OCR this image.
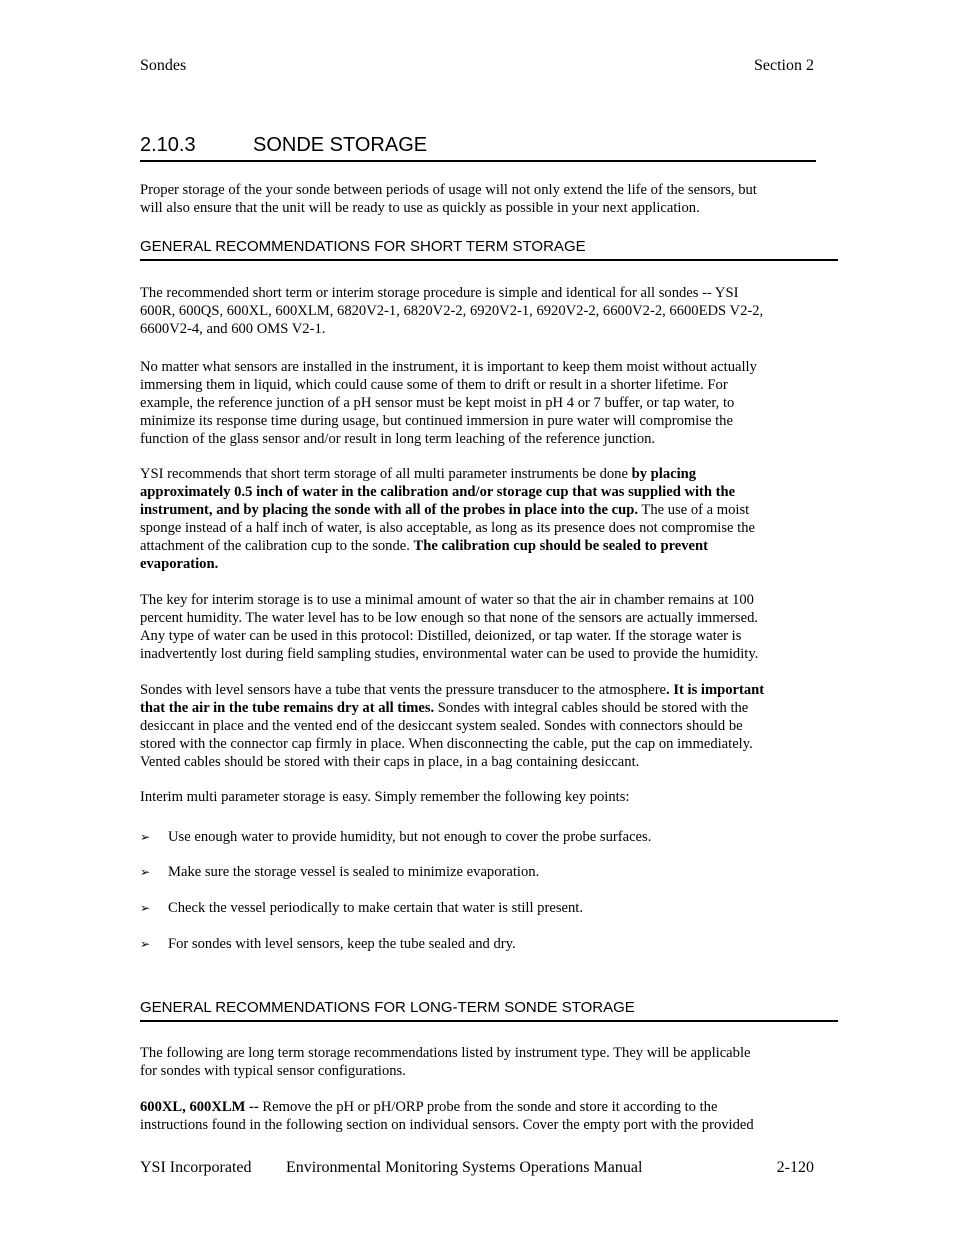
Sondes	Section 2
2.10.3	SONDE STORAGE
Proper storage of the your sonde between periods of usage will not only extend the life of the sensors, but
will also ensure that the unit will be ready to use as quickly as possible in your next application.
GENERAL RECOMMENDATIONS FOR SHORT TERM STORAGE
The recommended short term or interim storage procedure is simple and identical for all sondes -- YSI
600R, 600QS, 600XL, 600XLM, 6820V2-1, 6820V2-2, 6920V2-1, 6920V2-2, 6600V2-2, 6600EDS V2-2,
6600V2-4, and 600 OMS V2-1.
No matter what sensors are installed in the instrument, it is important to keep them moist without actually
immersing them in liquid, which could cause some of them to drift or result in a shorter lifetime. For
example, the reference junction of a pH sensor must be kept moist in pH 4 or 7 buffer, or tap water, to
minimize its response time during usage, but continued immersion in pure water will compromise the
function of the glass sensor and/or result in long term leaching of the reference junction.
YSI recommends that short term storage of all multi parameter instruments be done by placing
approximately 0.5 inch of water in the calibration and/or storage cup that was supplied with the
instrument, and by placing the sonde with all of the probes in place into the cup. The use of a moist
sponge instead of a half inch of water, is also acceptable, as long as its presence does not compromise the
attachment of the calibration cup to the sonde. The calibration cup should be sealed to prevent
evaporation.
The key for interim storage is to use a minimal amount of water so that the air in chamber remains at 100
percent humidity. The water level has to be low enough so that none of the sensors are actually immersed.
Any type of water can be used in this protocol: Distilled, deionized, or tap water. If the storage water is
inadvertently lost during field sampling studies, environmental water can be used to provide the humidity.
Sondes with level sensors have a tube that vents the pressure transducer to the atmosphere. It is important
that the air in the tube remains dry at all times. Sondes with integral cables should be stored with the
desiccant in place and the vented end of the desiccant system sealed. Sondes with connectors should be
stored with the connector cap firmly in place. When disconnecting the cable, put the cap on immediately.
Vented cables should be stored with their caps in place, in a bag containing desiccant.
Interim multi parameter storage is easy. Simply remember the following key points:
➢ Use enough water to provide humidity, but not enough to cover the probe surfaces.
➢ Make sure the storage vessel is sealed to minimize evaporation.
➢ Check the vessel periodically to make certain that water is still present.
➢ For sondes with level sensors, keep the tube sealed and dry.
GENERAL RECOMMENDATIONS FOR LONG-TERM SONDE STORAGE
The following are long term storage recommendations listed by instrument type. They will be applicable
for sondes with typical sensor configurations.
600XL, 600XLM -- Remove the pH or pH/ORP probe from the sonde and store it according to the
instructions found in the following section on individual sensors. Cover the empty port with the provided
YSI Incorporated Environmental Monitoring Systems Operations Manual	2-120
